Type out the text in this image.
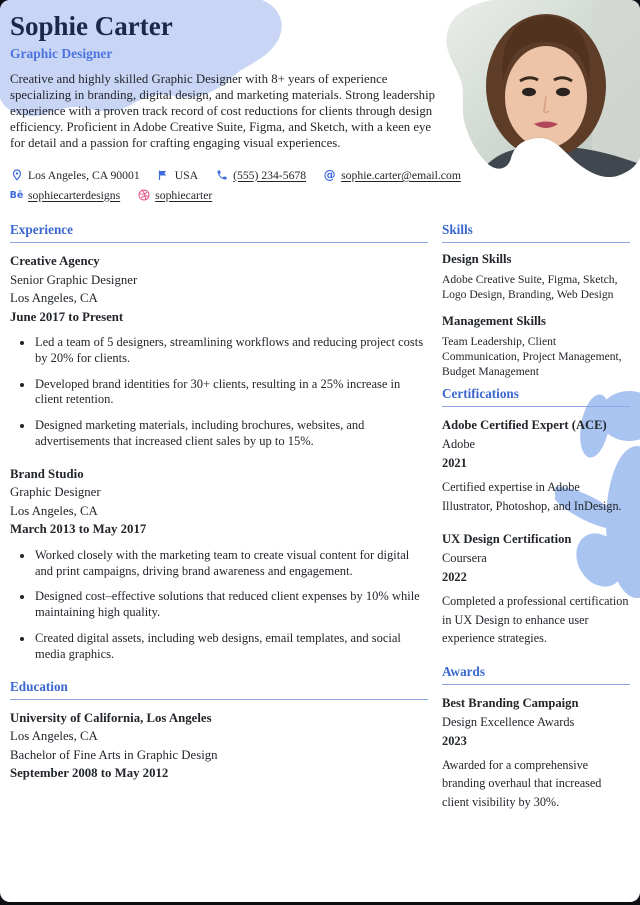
Sophie Carter
Graphic Designer

Creative and highly skilled Graphic Designer with 8+ years of experience specializing in branding, digital design, and marketing materials. Strong leadership experience with a proven track record of cost reductions for clients through design efficiency. Proficient in Adobe Creative Suite, Figma, and Sketch, with a keen eye for detail and a passion for crafting engaging visual experiences.

Los Angeles, CA 90001	USA	(555) 234-5678 @ sophie.carter@email.com
Bē sophiecarterdesigns	sophiecarter
Experience

Creative Agency

Senior Graphic Designer

Los Angeles, CA

June 2017 to Present

• Led a team of 5 designers, streamlining workflows and reducing project costs by 20% for clients.
• Developed brand identities for 30+ clients, resulting in a 25% increase in client retention.
• Designed marketing materials, including brochures, websites, and advertisements that increased client sales by up to 15%.

Brand Studio

Graphic Designer

Los Angeles, CA

March 2013 to May 2017

• Worked closely with the marketing team to create visual content for digital and print campaigns, driving brand awareness and engagement.
• Designed cost–effective solutions that reduced client expenses by 10% while maintaining high quality.
• Created digital assets, including web designs, email templates, and social media graphics.
Education

University of California, Los Angeles

Los Angeles, CA

Bachelor of Fine Arts in Graphic Design

September 2008 to May 2012

Skills

Design Skills

Adobe Creative Suite, Figma, Sketch, Logo Design, Branding, Web Design

Management Skills

Team Leadership, Client Communication, Project Management, Budget Management

Certifications

Adobe Certified Expert (ACE)

Adobe

2021

Certified expertise in Adobe Illustrator, Photoshop, and InDesign.

UX Design Certification

Coursera

2022

Completed a professional certification in UX Design to enhance user experience strategies.

Awards

Best Branding Campaign

Design Excellence Awards

2023

Awarded for a comprehensive branding overhaul that increased client visibility by 30%.
